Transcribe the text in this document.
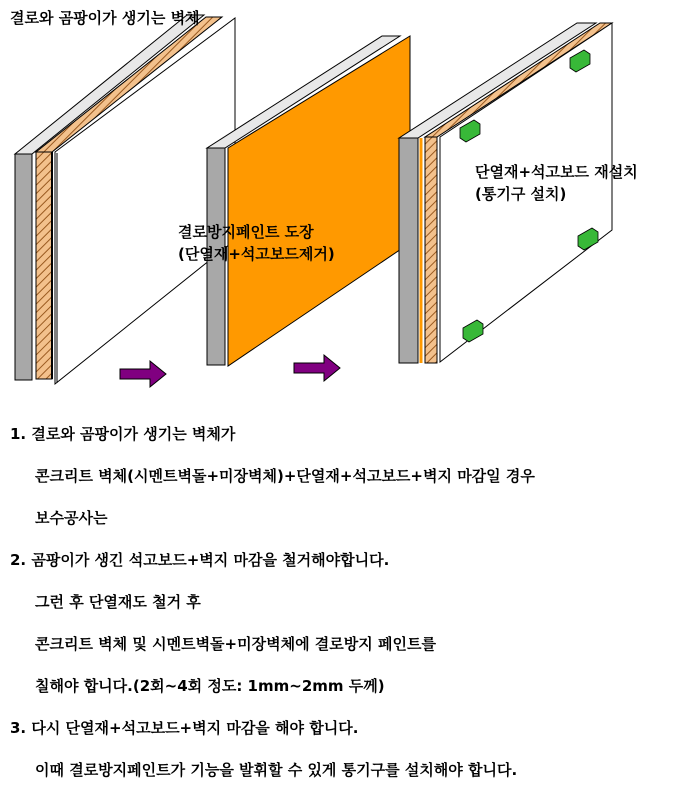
결로와 곰팡이가 생기는 벽체
결로방지페인트 도장
(단열재+석고보드제거)
단열재+석고보드 재설치
(통기구 설치)
1. 결로와 곰팡이가 생기는 벽체가
콘크리트 벽체(시멘트벽돌+미장벽체)+단열재+석고보드+벽지 마감일 경우
보수공사는
2. 곰팡이가 생긴 석고보드+벽지 마감을 철거해야합니다.
그런 후 단열재도 철거 후
콘크리트 벽체 및 시멘트벽돌+미장벽체에 결로방지 페인트를
칠해야 합니다.(2회~4회 정도: 1mm~2mm 두께)
3. 다시 단열재+석고보드+벽지 마감을 해야 합니다.
이때 결로방지페인트가 기능을 발휘할 수 있게 통기구를 설치해야 합니다.
